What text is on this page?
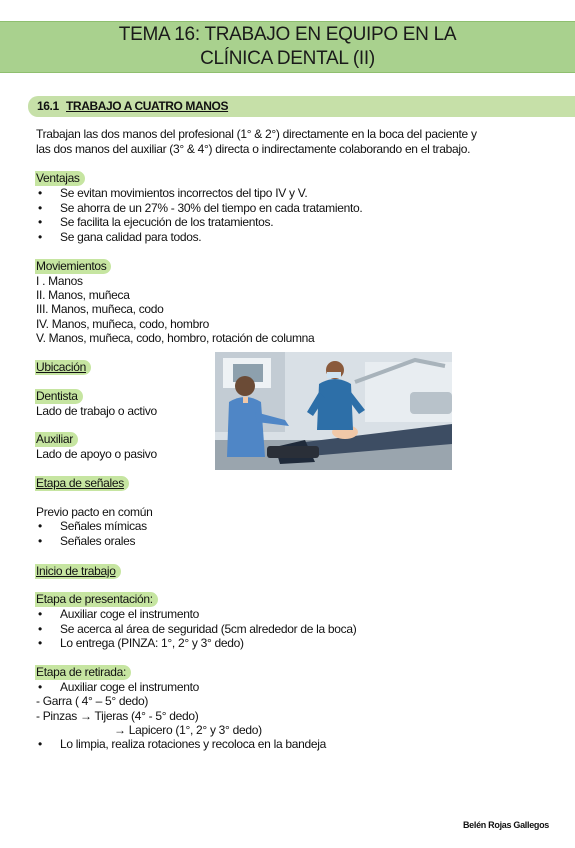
TEMA 16: TRABAJO EN EQUIPO EN LA
CLÍNICA DENTAL (II)
16.1 TRABAJO A CUATRO MANOS
Trabajan las dos manos del profesional (1° & 2°) directamente en la boca del paciente y
las dos manos del auxiliar (3° & 4°) directa o indirectamente colaborando en el trabajo.
Ventajas
• Se evitan movimientos incorrectos del tipo IV y V.
• Se ahorra de un 27% - 30% del tiempo en cada tratamiento.
• Se facilita la ejecución de los tratamientos.
• Se gana calidad para todos.
Moviemientos
I . Manos
II. Manos, muñeca
III. Manos, muñeca, codo
IV. Manos, muñeca, codo, hombro
V. Manos, muñeca, codo, hombro, rotación de columna
Ubicación
Dentista
Lado de trabajo o activo
Auxiliar
Lado de apoyo o pasivo
Etapa de señales
Previo pacto en común
• Señales mímicas
• Señales orales
Inicio de trabajo
Etapa de presentación:
• Auxiliar coge el instrumento
• Se acerca al área de seguridad (5cm alrededor de la boca)
• Lo entrega (PINZA: 1°, 2° y 3° dedo)
Etapa de retirada:
• Auxiliar coge el instrumento
- Garra ( 4° – 5° dedo)
- Pinzas → Tijeras (4° - 5° dedo)
→ Lapicero (1°, 2° y 3° dedo)
• Lo limpia, realiza rotaciones y recoloca en la bandeja
Belén Rojas Gallegos
